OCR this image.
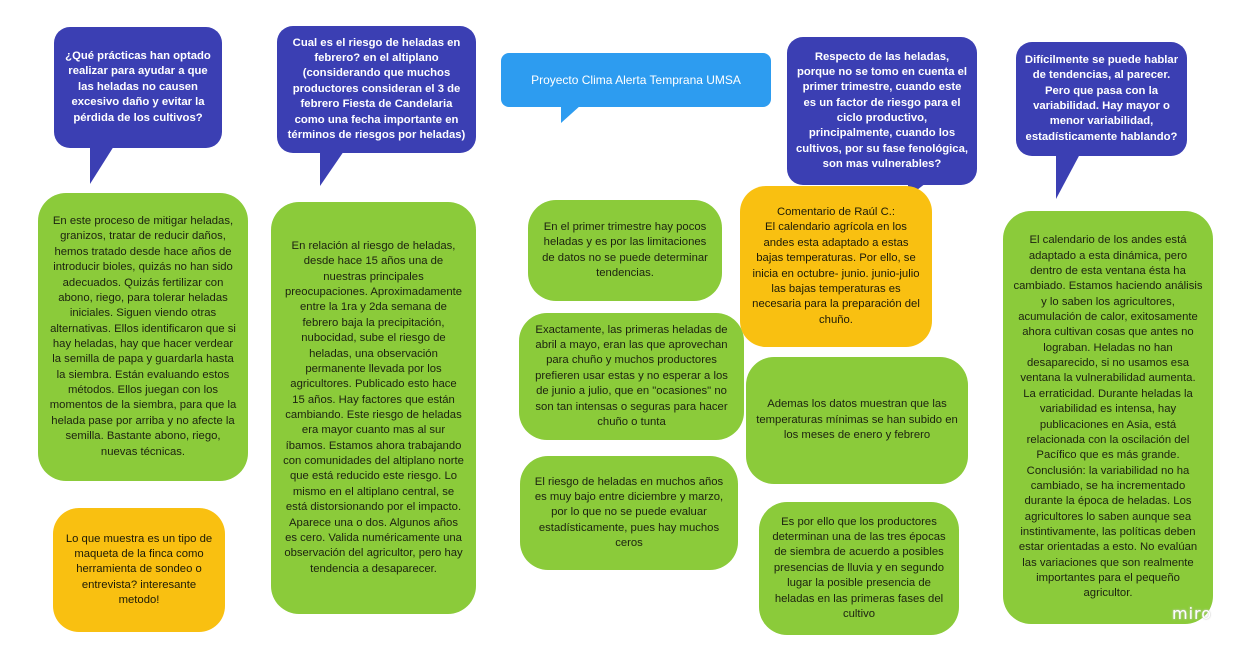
¿Qué prácticas han optado realizar para ayudar a que las heladas no causen excesivo daño y evitar la pérdida de los cultivos?
Cual es el riesgo de heladas en febrero? en el altiplano (considerando que muchos productores consideran el 3 de febrero Fiesta de Candelaria como una fecha importante en términos de riesgos por heladas)
Proyecto Clima Alerta Temprana UMSA
Respecto de las heladas, porque no se tomo en cuenta el primer trimestre, cuando este es un factor de riesgo para el ciclo productivo, principalmente, cuando los cultivos, por su fase fenológica, son mas vulnerables?
Difícilmente se puede hablar de tendencias, al parecer. Pero que pasa con la variabilidad. Hay mayor o menor variabilidad, estadísticamente hablando?
En este proceso de mitigar heladas, granizos, tratar de reducir daños, hemos tratado desde hace años de introducir bioles, quizás no han sido adecuados. Quizás fertilizar con abono, riego, para tolerar heladas iniciales. Siguen viendo otras alternativas. Ellos identificaron que si hay heladas, hay que hacer verdear la semilla de papa y guardarla hasta la siembra. Están evaluando estos métodos. Ellos juegan con los momentos de la siembra, para que la helada pase por arriba y no afecte la semilla. Bastante abono, riego, nuevas técnicas.
En relación al riesgo de heladas, desde hace 15 años una de nuestras principales preocupaciones. Aproximadamente entre la 1ra y 2da semana de febrero baja la precipitación, nubocidad, sube el riesgo de heladas, una observación permanente llevada por los agricultores. Publicado esto hace 15 años. Hay factores que están cambiando. Este riesgo de heladas era mayor cuanto mas al sur íbamos. Estamos ahora trabajando con comunidades del altiplano norte que está reducido este riesgo. Lo mismo en el altiplano central, se está distorsionando por el impacto. Aparece una o dos. Algunos años es cero. Valida numéricamente una observación del agricultor, pero hay tendencia a desaparecer.
En el primer trimestre hay pocos heladas y es por las limitaciones de datos no se puede determinar tendencias.
Exactamente, las primeras heladas de abril a mayo, eran las que aprovechan para chuño y muchos productores prefieren usar estas y no esperar a los de junio a julio, que en "ocasiones" no son tan intensas o seguras para hacer chuño o tunta
El riesgo de heladas en muchos años es muy bajo entre diciembre y marzo, por lo que no se puede evaluar estadísticamente, pues hay muchos ceros
Ademas los datos muestran que las temperaturas mínimas se han subido en los meses de enero y febrero
Es por ello que los productores determinan una de las tres épocas de siembra de acuerdo a posibles presencias de lluvia y en segundo lugar la posible presencia de heladas en las primeras fases del cultivo
El calendario de los andes está adaptado a esta dinámica, pero dentro de esta ventana ésta ha cambiado. Estamos haciendo análisis y lo saben los agricultores, acumulación de calor, exitosamente ahora cultivan cosas que antes no lograban. Heladas no han desaparecido, si no usamos esa ventana la vulnerabilidad aumenta. La erraticidad. Durante heladas la variabilidad es intensa, hay publicaciones en Asia, está relacionada con la oscilación del Pacífico que es más grande. Conclusión: la variabilidad no ha cambiado, se ha incrementado durante la época de heladas. Los agricultores lo saben aunque sea instintivamente, las políticas deben estar orientadas a esto. No evalúan las variaciones que son realmente importantes para el pequeño agricultor.
Comentario de Raúl C.:
El calendario agrícola en los andes esta adaptado a estas bajas temperaturas. Por ello, se inicia en octubre- junio. junio-julio las bajas temperaturas es necesaria para la preparación del chuño.
Lo que muestra es un tipo de maqueta de la finca como herramienta de sondeo o entrevista? interesante metodo!
miro
